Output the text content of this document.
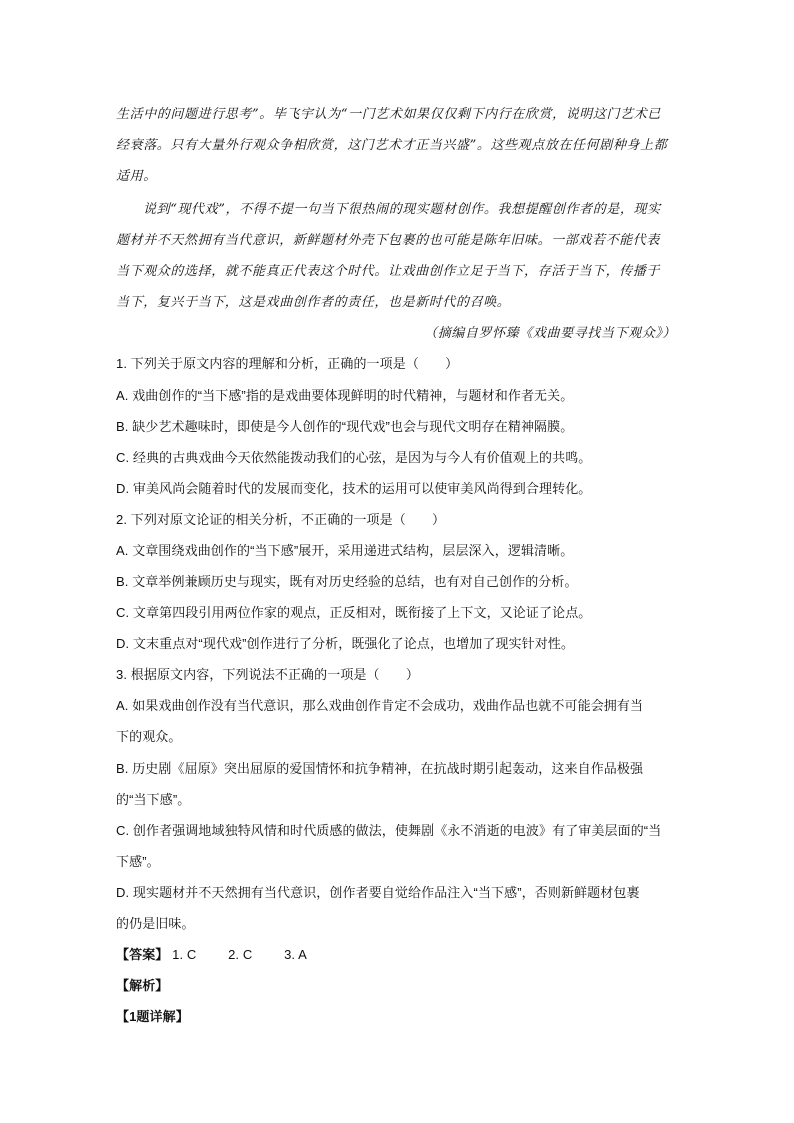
生活中的问题进行思考”。毕飞宇认为“一门艺术如果仅仅剩下内行在欣赏，说明这门艺术已
经衰落。只有大量外行观众争相欣赏，这门艺术才正当兴盛”。这些观点放在任何剧种身上都
适用。
说到“现代戏”，不得不提一句当下很热闹的现实题材创作。我想提醒创作者的是，现实
题材并不天然拥有当代意识，新鲜题材外壳下包裹的也可能是陈年旧味。一部戏若不能代表
当下观众的选择，就不能真正代表这个时代。让戏曲创作立足于当下，存活于当下，传播于
当下，复兴于当下，这是戏曲创作者的责任，也是新时代的召唤。
（摘编自罗怀臻《戏曲要寻找当下观众》）
1. 下列关于原文内容的理解和分析，正确的一项是（　　）
A. 戏曲创作的“当下感”指的是戏曲要体现鲜明的时代精神，与题材和作者无关。
B. 缺少艺术趣味时，即使是今人创作的“现代戏”也会与现代文明存在精神隔膜。
C. 经典的古典戏曲今天依然能拨动我们的心弦，是因为与今人有价值观上的共鸣。
D. 审美风尚会随着时代的发展而变化，技术的运用可以使审美风尚得到合理转化。
2. 下列对原文论证的相关分析，不正确的一项是（　　）
A. 文章围绕戏曲创作的“当下感”展开，采用递进式结构，层层深入，逻辑清晰。
B. 文章举例兼顾历史与现实，既有对历史经验的总结，也有对自己创作的分析。
C. 文章第四段引用两位作家的观点，正反相对，既衔接了上下文，又论证了论点。
D. 文末重点对“现代戏”创作进行了分析，既强化了论点，也增加了现实针对性。
3. 根据原文内容，下列说法不正确的一项是（　　）
A. 如果戏曲创作没有当代意识，那么戏曲创作肯定不会成功，戏曲作品也就不可能会拥有当
下的观众。
B. 历史剧《屈原》突出屈原的爱国情怀和抗争精神，在抗战时期引起轰动，这来自作品极强
的“当下感”。
C. 创作者强调地域独特风情和时代质感的做法，使舞剧《永不消逝的电波》有了审美层面的“当
下感”。
D. 现实题材并不天然拥有当代意识，创作者要自觉给作品注入“当下感”，否则新鲜题材包裹
的仍是旧味。
【答案】 1. C 2. C 3. A
【解析】
【1题详解】
